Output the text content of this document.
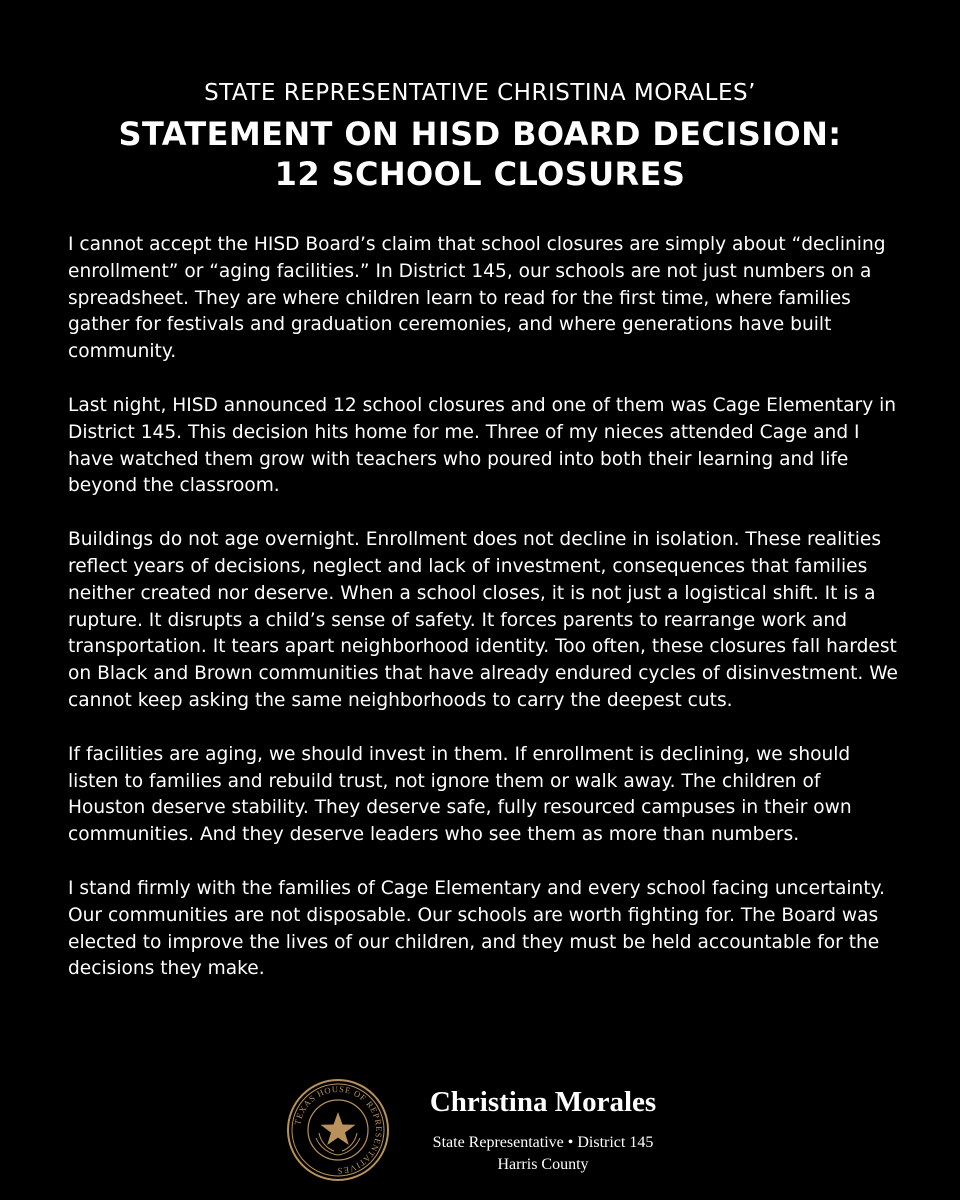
STATE REPRESENTATIVE CHRISTINA MORALES’
STATEMENT ON HISD BOARD DECISION:
12 SCHOOL CLOSURES

I cannot accept the HISD Board’s claim that school closures are simply about “declining enrollment” or “aging facilities.” In District 145, our schools are not just numbers on a spreadsheet. They are where children learn to read for the first time, where families gather for festivals and graduation ceremonies, and where generations have built community.

Last night, HISD announced 12 school closures and one of them was Cage Elementary in District 145. This decision hits home for me. Three of my nieces attended Cage and I have watched them grow with teachers who poured into both their learning and life beyond the classroom.

Buildings do not age overnight. Enrollment does not decline in isolation. These realities reflect years of decisions, neglect and lack of investment, consequences that families neither created nor deserve. When a school closes, it is not just a logistical shift. It is a rupture. It disrupts a child’s sense of safety. It forces parents to rearrange work and transportation. It tears apart neighborhood identity. Too often, these closures fall hardest on Black and Brown communities that have already endured cycles of disinvestment. We cannot keep asking the same neighborhoods to carry the deepest cuts.

If facilities are aging, we should invest in them. If enrollment is declining, we should listen to families and rebuild trust, not ignore them or walk away. The children of Houston deserve stability. They deserve safe, fully resourced campuses in their own communities. And they deserve leaders who see them as more than numbers.

I stand firmly with the families of Cage Elementary and every school facing uncertainty. Our communities are not disposable. Our schools are worth fighting for. The Board was elected to improve the lives of our children, and they must be held accountable for the decisions they make.

TEXAS HOUSE OF REPRESENTATIVES
Christina Morales
State Representative • District 145
Harris County
